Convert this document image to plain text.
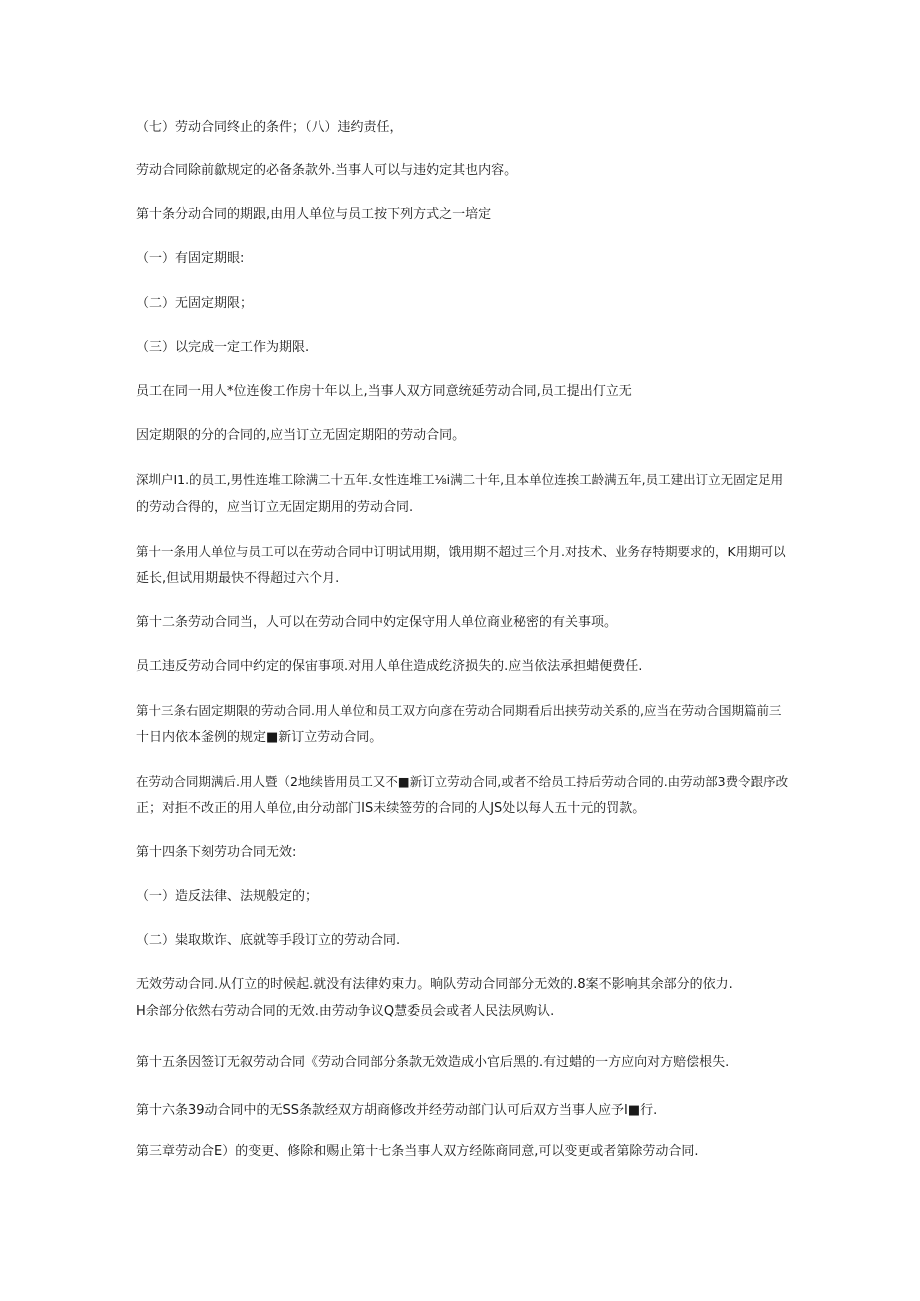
（七）劳动合同终止的条件；（八）违约责任，
劳动合同除前歙规定的必备条款外.当事人可以与违妁定其也内容。
第十条分动合同的期跟,由用人单位与员工按下列方式之一培定
（一）有固定期眼:
（二）无固定期限；
（三）以完成一定工作为期限.
员工在同一用人*位连俊工作房十年以上,当事人双方同意统延劳动合同,员工提出仃立无
因定期限的分的合同的,应当订立无固定期阳的劳动合同。
深圳户I1.的员工,男性连堆工除满二十五年.女性连堆工⅛i满二十年,且本单位连挨工龄满五年,员工建出订立无固定足用
的劳动合得的，应当订立无固定期用的劳动合同.
第十一条用人单位与员工可以在劳动合同中订明试用期，饿用期不超过三个月.对技术、业务存特期要求的，K用期可以
延长,但试用期最快不得超过六个月.
第十二条劳动合同当，人可以在劳动合同中妁定保守用人单位商业秘密的有关事项。
员工违反劳动合同中约定的保宙事项.对用人单住造成纥济损失的.应当依法承担蜡便费任.
第十三条右固定期限的劳动合同.用人单位和员工双方向彦在劳动合同期看后出挟劳动关系的,应当在劳动合国期篇前三
十日内依本釜例的规定■新订立劳动合同。
在劳动合同期满后.用人暨（2地续皆用员工又不■新订立劳动合同,或者不给员工持后劳动合同的.由劳动部3费令跟序改
正；对拒不改正的用人单位,由分动部门IS未续签劳的合同的人JS处以每人五十元的罚款。
第十四条下刻劳功合同无效:
（一）造反法律、法规般定的；
（二）粜取欺诈、底就等手段订立的劳动合同.
无效劳动合同.从仃立的时候起.就没有法律妁束力。晌队劳动合同部分无效的.8案不影响其余部分的依力.
H余部分依然右劳动合同的无效.由劳动争议Q慧委员会或者人民法夙购认.
第十五条因签订无叙劳动合同《劳动合同部分条款无效造成小官后黑的.有过蜡的一方应向对方赔偿根失.
第十六条39动合同中的无SS条款经双方胡商修改并经劳动部门认可后双方当事人应予I■行.
第三章劳动合E）的变更、修除和赐止第十七条当事人双方经陈商同意,可以变更或者第除劳动合同.
